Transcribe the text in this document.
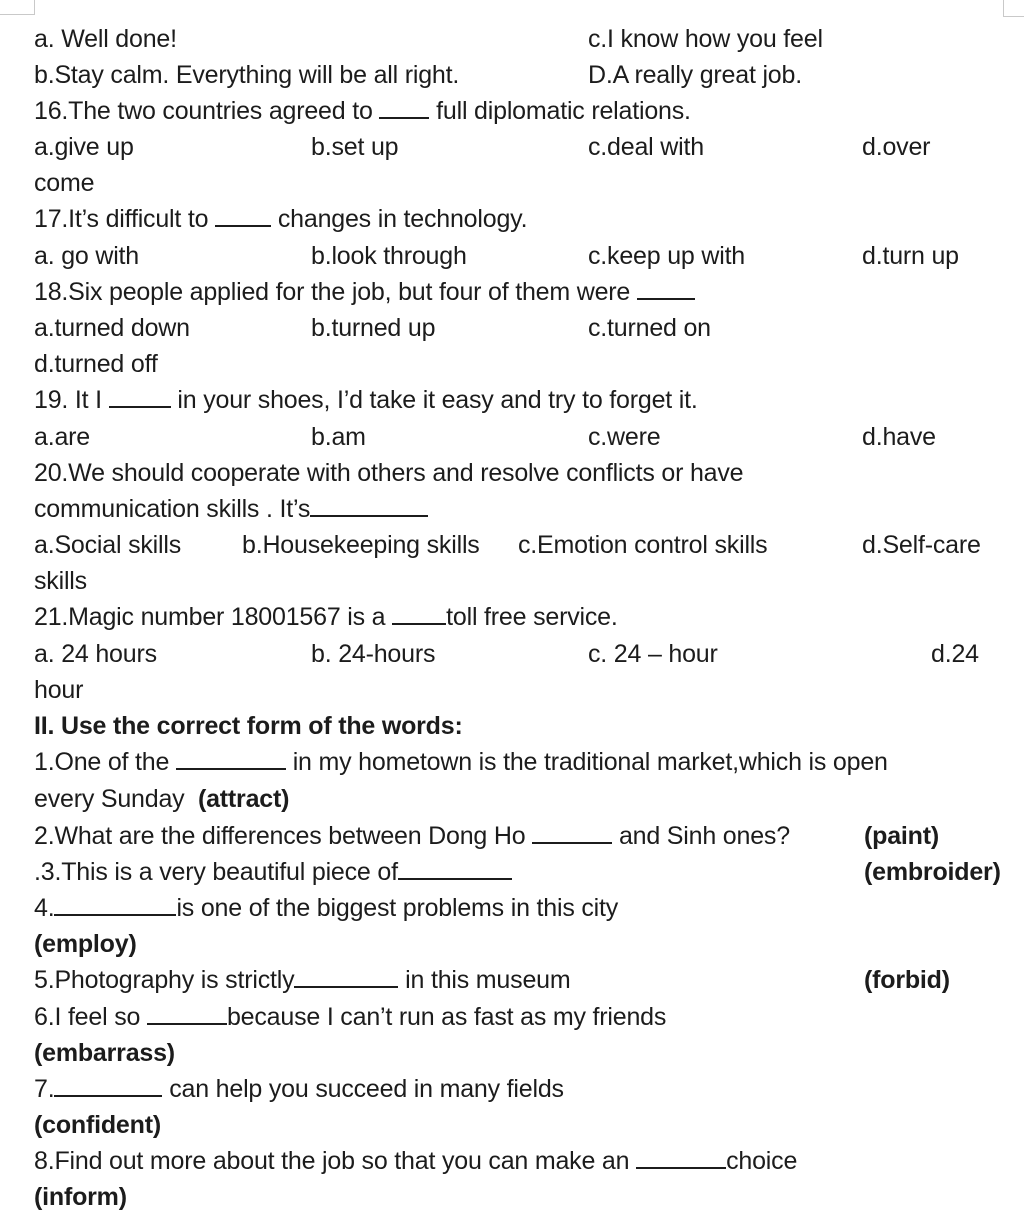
a. Well done!	c.I know how you feel
b.Stay calm. Everything will be all right.	D.A really great job.
16.The two countries agreed to	full diplomatic relations.
a.give up	b.set up	c.deal with	d.over
come
17.It’s difficult to	changes in technology.
a. go with	b.look through	c.keep up with	d.turn up
18.Six people applied for the job, but four of them were
a.turned down	b.turned up	c.turned on
d.turned off
19. It I	in your shoes, I’d take it easy and try to forget it.
a.are	b.am	c.were	d.have
20.We should cooperate with others and resolve conflicts or have
communication skills . It’s
a.Social skills b.Housekeeping skills c.Emotion control skills	d.Self-care
skills
21.Magic number 18001567 is a toll free service.
a. 24 hours	b. 24-hours	c. 24 – hour	d.24
hour
II. Use the correct form of the words:
1.One of the	in my hometown is the traditional market,which is open
every Sunday (attract)
2.What are the differences between Dong Ho	and Sinh ones?	(paint)
.3.This is a very beautiful piece of	(embroider)
4.	is one of the biggest problems in this city
(employ)
5.Photography is strictly	in this museum	(forbid)
6.I feel so	because I can’t run as fast as my friends
(embarrass)
7.	can help you succeed in many fields
(confident)
8.Find out more about the job so that you can make an	choice
(inform)
